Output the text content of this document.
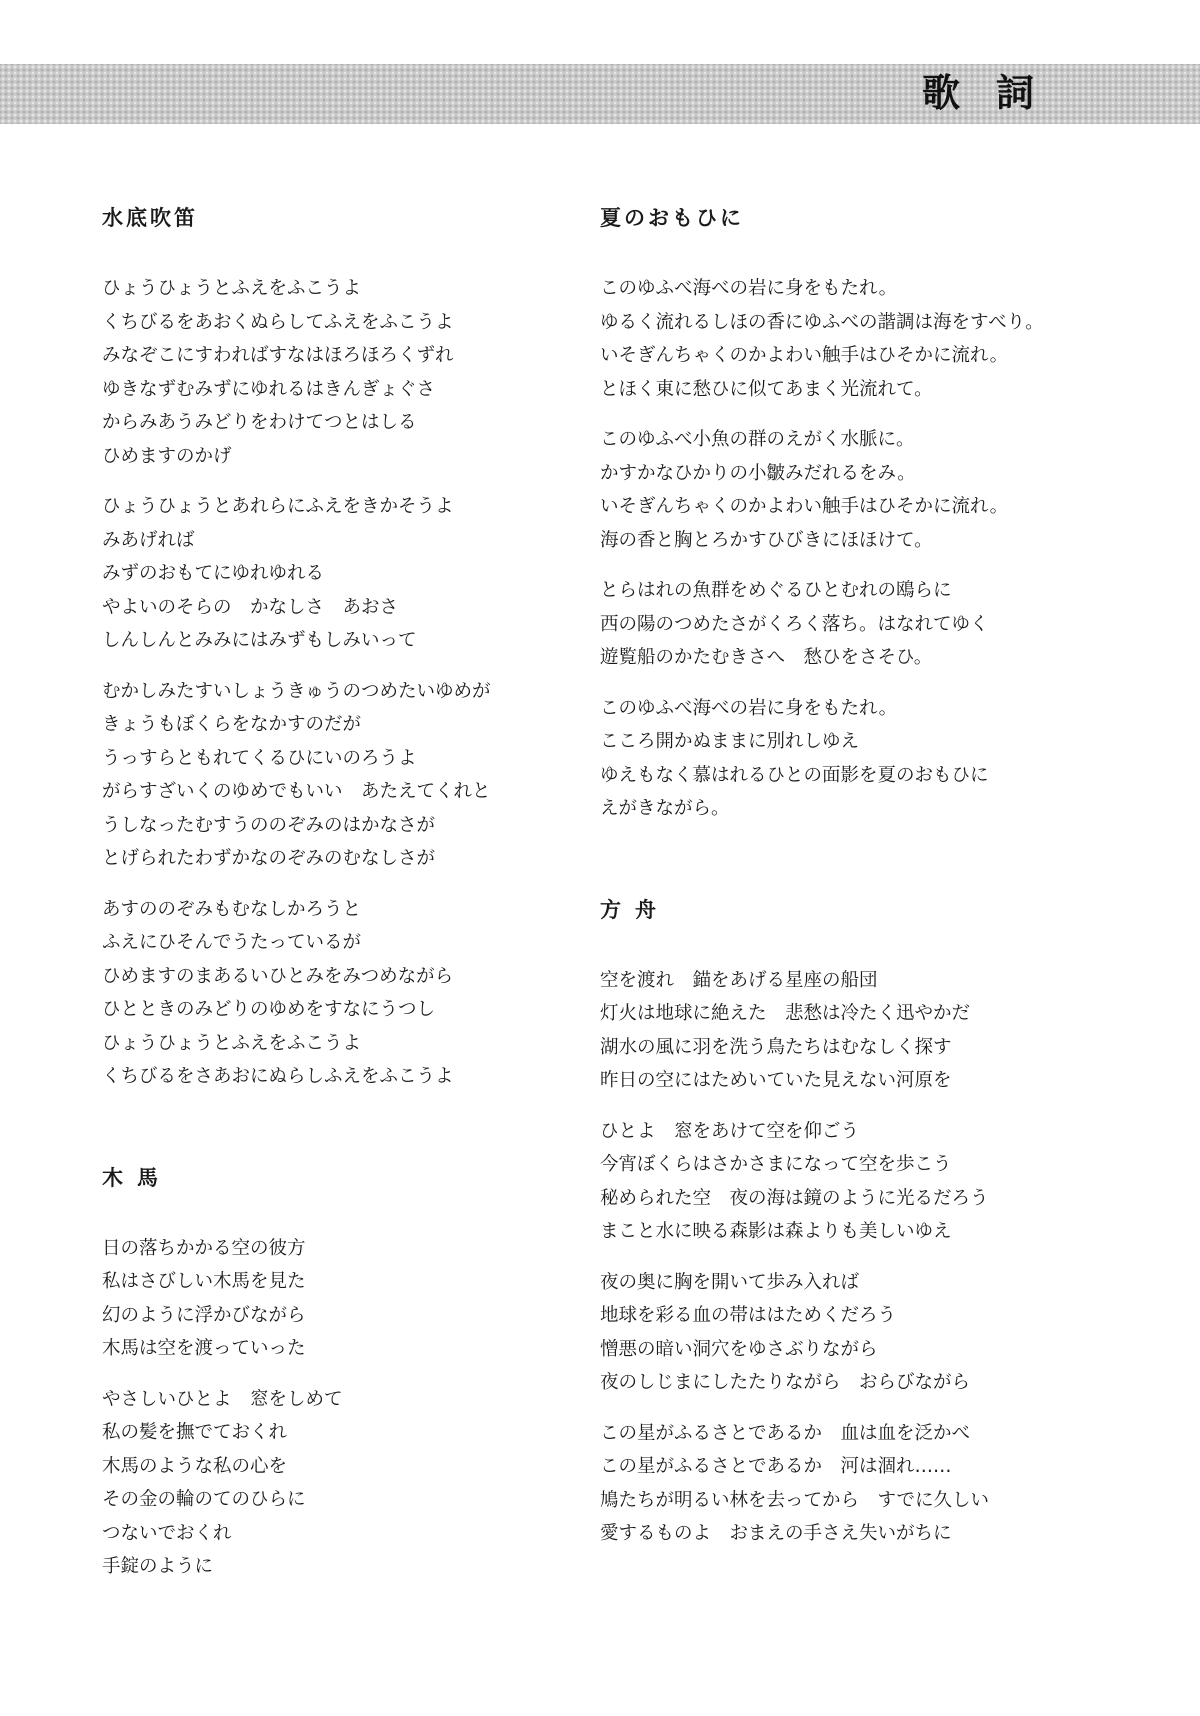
歌詞
水底吹笛

ひょうひょうとふえをふこうよ

くちびるをあおくぬらしてふえをふこうよ

みなぞこにすわればすなはほろほろくずれ

ゆきなずむみずにゆれるはきんぎょぐさ

からみあうみどりをわけてつとはしる

ひめますのかげ

ひょうひょうとあれらにふえをきかそうよ

みあげれば

みずのおもてにゆれゆれる

やよいのそらの　かなしさ　あおさ

しんしんとみみにはみずもしみいって

むかしみたすいしょうきゅうのつめたいゆめが

きょうもぼくらをなかすのだが

うっすらともれてくるひにいのろうよ

がらすざいくのゆめでもいい　あたえてくれと

うしなったむすうののぞみのはかなさが

とげられたわずかなのぞみのむなしさが

あすののぞみもむなしかろうと

ふえにひそんでうたっているが

ひめますのまあるいひとみをみつめながら

ひとときのみどりのゆめをすなにうつし

ひょうひょうとふえをふこうよ

くちびるをさあおにぬらしふえをふこうよ

木馬

日の落ちかかる空の彼方

私はさびしい木馬を見た

幻のように浮かびながら

木馬は空を渡っていった

やさしいひとよ　窓をしめて

私の髪を撫でておくれ

木馬のような私の心を

その金の輪のてのひらに

つないでおくれ

手錠のように

夏のおもひに

このゆふべ海べの岩に身をもたれ。

ゆるく流れるしほの香にゆふべの諧調は海をすべり。

いそぎんちゃくのかよわい触手はひそかに流れ。

とほく東に愁ひに似てあまく光流れて。

このゆふべ小魚の群のえがく水脈に。

かすかなひかりの小皺みだれるをみ。

いそぎんちゃくのかよわい触手はひそかに流れ。

海の香と胸とろかすひびきにほほけて。

とらはれの魚群をめぐるひとむれの鴎らに

西の陽のつめたさがくろく落ち。はなれてゆく

遊覧船のかたむきさへ　愁ひをさそひ。

このゆふべ海べの岩に身をもたれ。

こころ開かぬままに別れしゆえ

ゆえもなく慕はれるひとの面影を夏のおもひに

えがきながら。

方舟

空を渡れ　錨をあげる星座の船団

灯火は地球に絶えた　悲愁は冷たく迅やかだ

湖水の風に羽を洗う鳥たちはむなしく探す

昨日の空にはためいていた見えない河原を

ひとよ　窓をあけて空を仰ごう

今宵ぼくらはさかさまになって空を歩こう

秘められた空　夜の海は鏡のように光るだろう

まこと水に映る森影は森よりも美しいゆえ

夜の奥に胸を開いて歩み入れば

地球を彩る血の帯ははためくだろう

憎悪の暗い洞穴をゆさぶりながら

夜のしじまにしたたりながら　おらびながら

この星がふるさとであるか　血は血を泛かべ

この星がふるさとであるか　河は涸れ……

鳩たちが明るい林を去ってから　すでに久しい

愛するものよ　おまえの手さえ失いがちに
